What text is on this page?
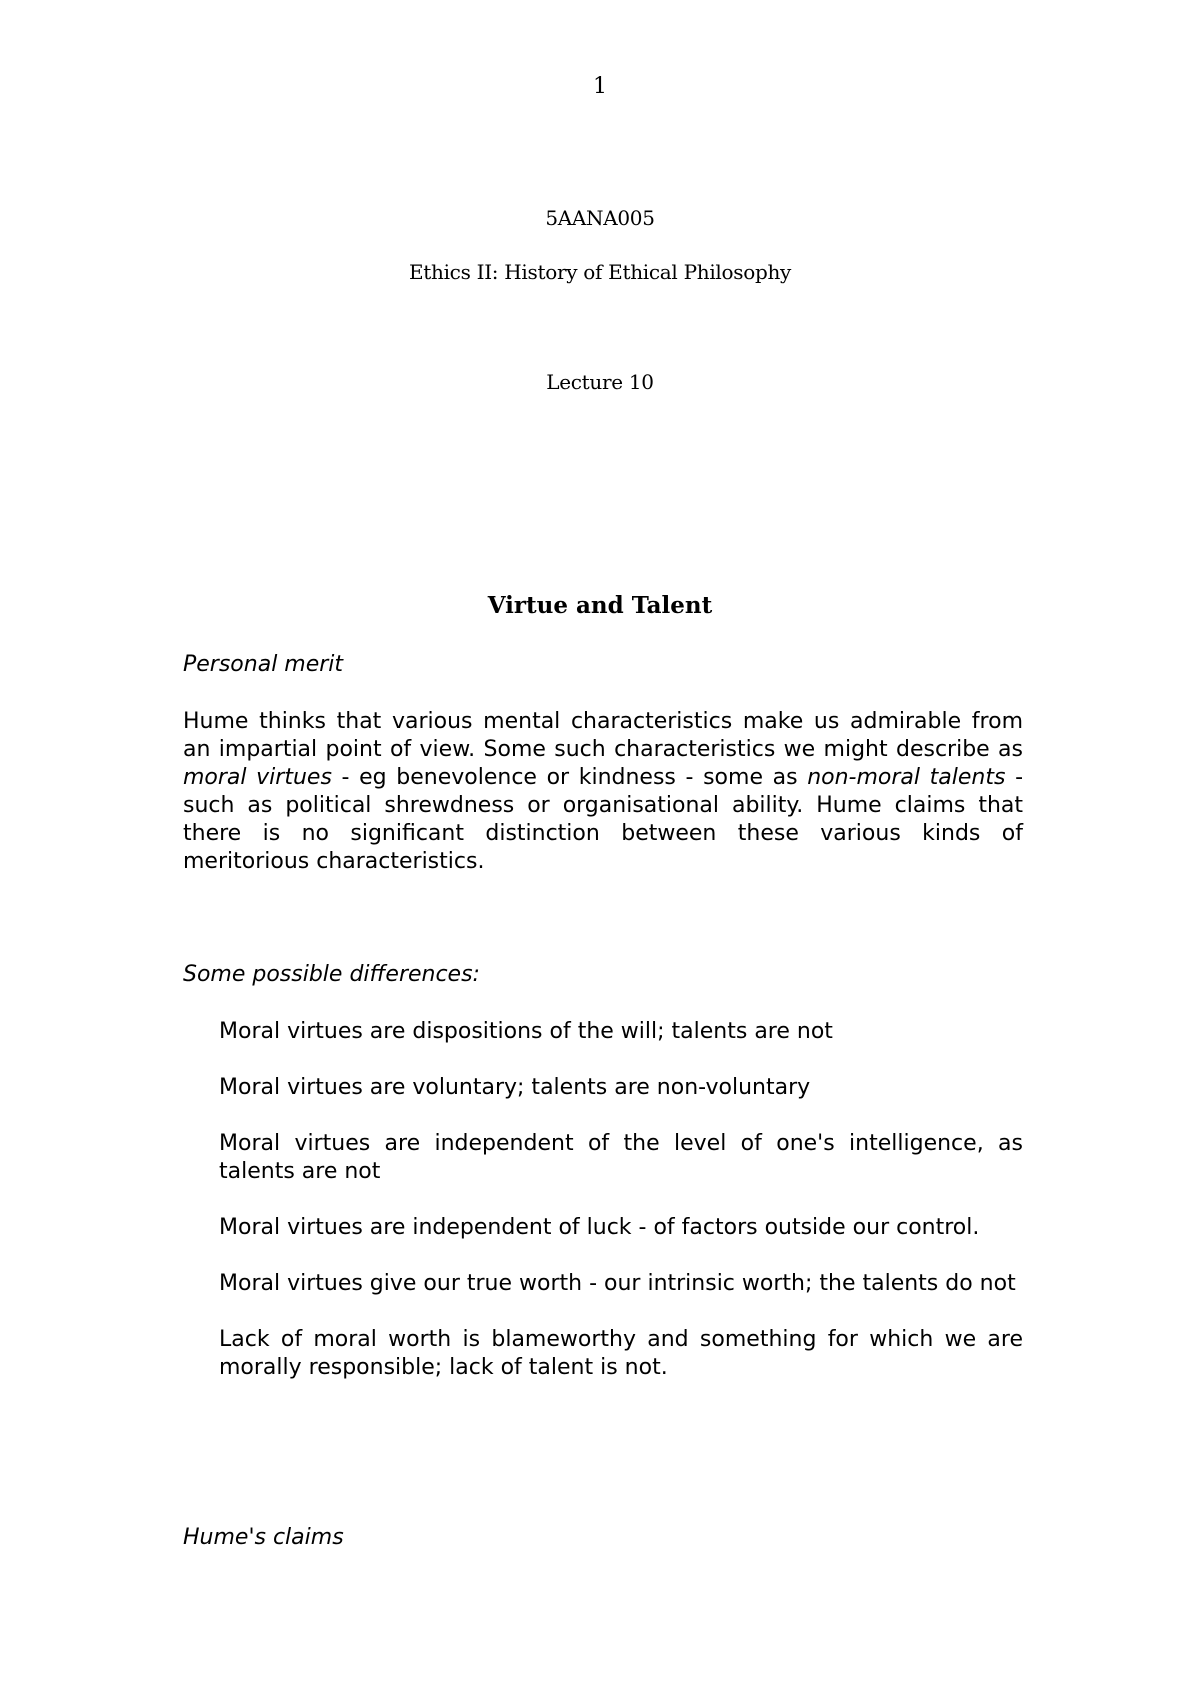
1
5AANA005
Ethics II: History of Ethical Philosophy
Lecture 10
Virtue and Talent
Personal merit

Hume thinks that various mental characteristics make us admirable from an impartial point of view. Some such characteristics we might describe as moral virtues - eg benevolence or kindness - some as non-moral talents - such as political shrewdness or organisational ability. Hume claims that there is no significant distinction between these various kinds of meritorious characteristics.

Some possible differences:
Moral virtues are dispositions of the will; talents are not
Moral virtues are voluntary; talents are non-voluntary
Moral virtues are independent of the level of one's intelligence, as talents are not
Moral virtues are independent of luck - of factors outside our control.
Moral virtues give our true worth - our intrinsic worth; the talents do not
Lack of moral worth is blameworthy and something for which we are morally responsible; lack of talent is not.
Hume's claims
